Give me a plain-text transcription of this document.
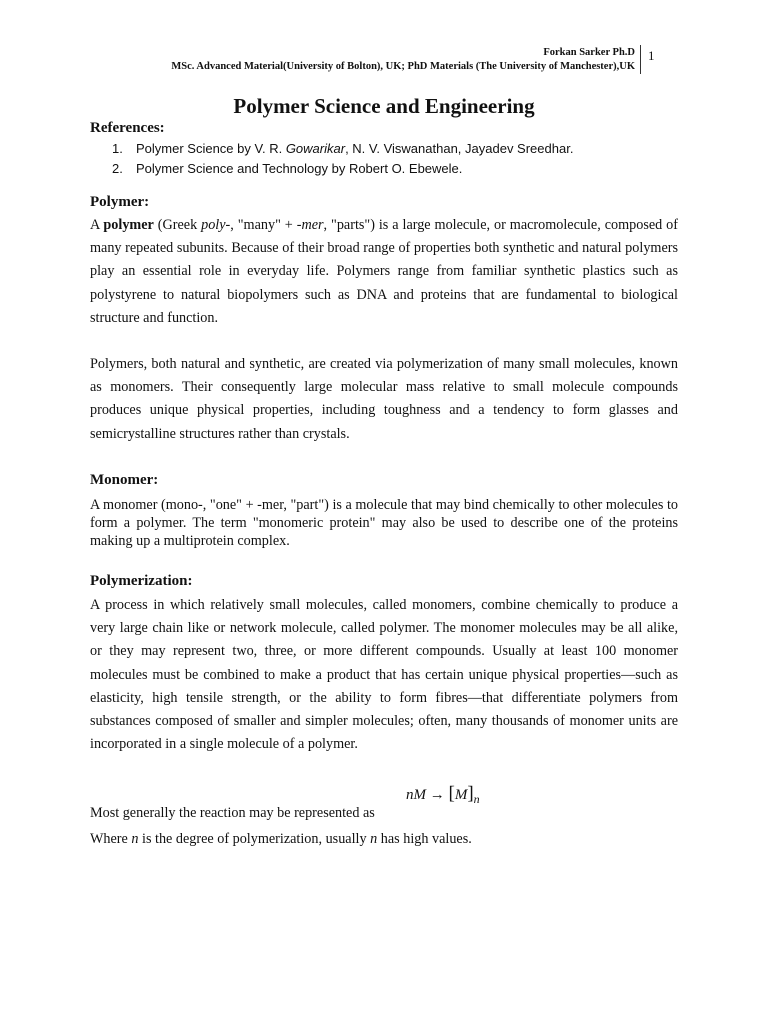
Forkan Sarker Ph.D
MSc. Advanced Material(University of Bolton), UK; PhD Materials (The University of Manchester),UK
1
Polymer Science and Engineering
References:
1. Polymer Science by V. R. Gowarikar, N. V. Viswanathan, Jayadev Sreedhar.
2. Polymer Science and Technology by Robert O. Ebewele.
Polymer:
A polymer (Greek poly-, "many" + -mer, "parts") is a large molecule, or macromolecule, composed of many repeated subunits. Because of their broad range of properties both synthetic and natural polymers play an essential role in everyday life. Polymers range from familiar synthetic plastics such as polystyrene to natural biopolymers such as DNA and proteins that are fundamental to biological structure and function.
Polymers, both natural and synthetic, are created via polymerization of many small molecules, known as monomers. Their consequently large molecular mass relative to small molecule compounds produces unique physical properties, including toughness and a tendency to form glasses and semicrystalline structures rather than crystals.
Monomer:
A monomer (mono-, "one" + -mer, "part") is a molecule that may bind chemically to other molecules to form a polymer. The term "monomeric protein" may also be used to describe one of the proteins making up a multiprotein complex.
Polymerization:
A process in which relatively small molecules, called monomers, combine chemically to produce a very large chain like or network molecule, called polymer. The monomer molecules may be all alike, or they may represent two, three, or more different compounds. Usually at least 100 monomer molecules must be combined to make a product that has certain unique physical properties—such as elasticity, high tensile strength, or the ability to form fibres—that differentiate polymers from substances composed of smaller and simpler molecules; often, many thousands of monomer units are incorporated in a single molecule of a polymer.
nM → $[M]_n$
Most generally the reaction may be represented as
Where n is the degree of polymerization, usually n has high values.
